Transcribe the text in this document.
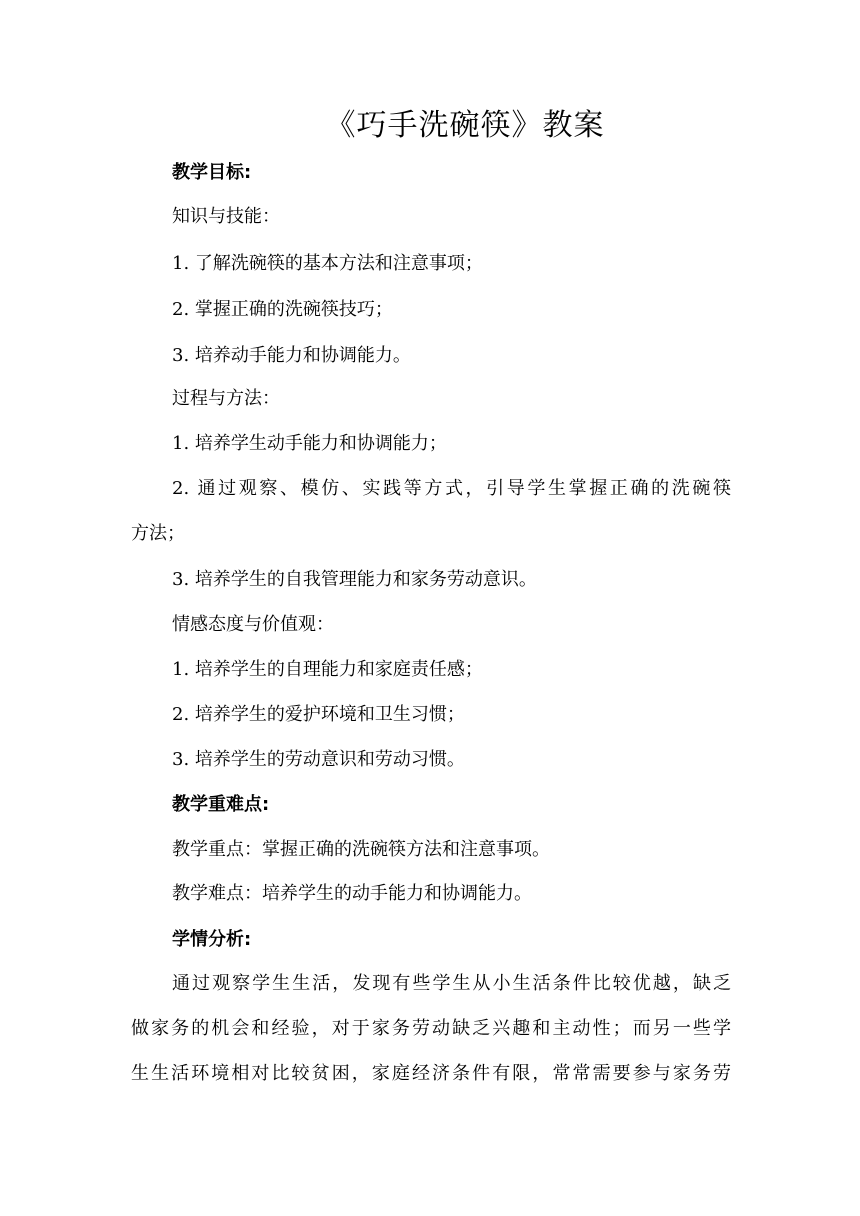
《巧手洗碗筷》教案
教学目标:
知识与技能：
1. 了解洗碗筷的基本方法和注意事项；
2. 掌握正确的洗碗筷技巧；
3. 培养动手能力和协调能力。
过程与方法：
1. 培养学生动手能力和协调能力；
2. 通过观察、模仿、实践等方式，引导学生掌握正确的洗碗筷
方法；
3. 培养学生的自我管理能力和家务劳动意识。
情感态度与价值观：
1. 培养学生的自理能力和家庭责任感；
2. 培养学生的爱护环境和卫生习惯；
3. 培养学生的劳动意识和劳动习惯。
教学重难点:
教学重点：掌握正确的洗碗筷方法和注意事项。
教学难点：培养学生的动手能力和协调能力。
学情分析:
通过观察学生生活，发现有些学生从小生活条件比较优越，缺乏
做家务的机会和经验，对于家务劳动缺乏兴趣和主动性；而另一些学
生生活环境相对比较贫困，家庭经济条件有限，常常需要参与家务劳
